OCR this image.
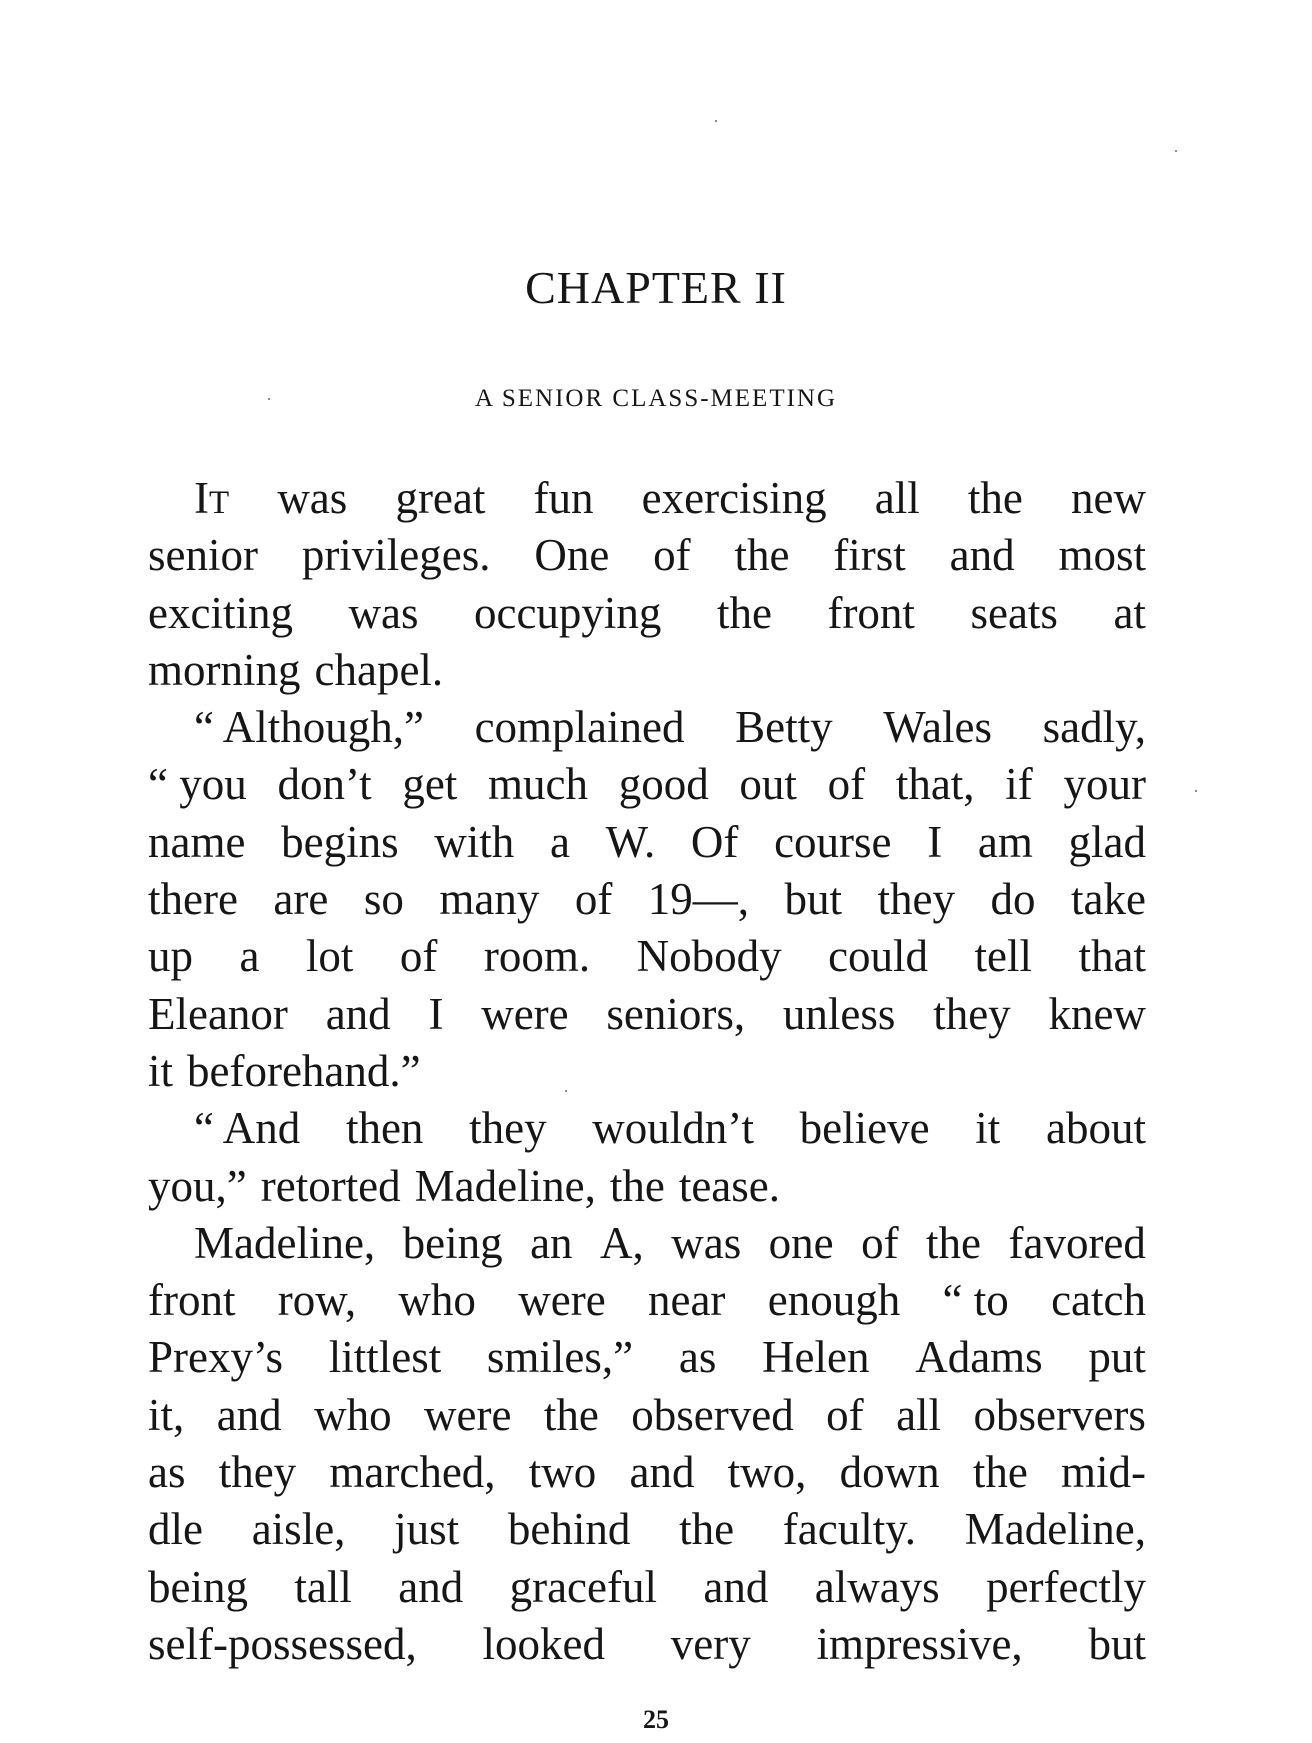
CHAPTER II
A SENIOR CLASS-MEETING
IT was great fun exercising all the new
senior privileges. One of the first and most
exciting was occupying the front seats at
morning chapel.
“ Although,” complained Betty Wales sadly,
“ you don’t get much good out of that, if your
name begins with a W. Of course I am glad
there are so many of 19—, but they do take
up a lot of room. Nobody could tell that
Eleanor and I were seniors, unless they knew
it beforehand.”
“ And then they wouldn’t believe it about
you,” retorted Madeline, the tease.
Madeline, being an A, was one of the favored
front row, who were near enough “ to catch
Prexy’s littlest smiles,” as Helen Adams put
it, and who were the observed of all observers
as they marched, two and two, down the mid-
dle aisle, just behind the faculty. Madeline,
being tall and graceful and always perfectly
self-possessed, looked very impressive, but
25
